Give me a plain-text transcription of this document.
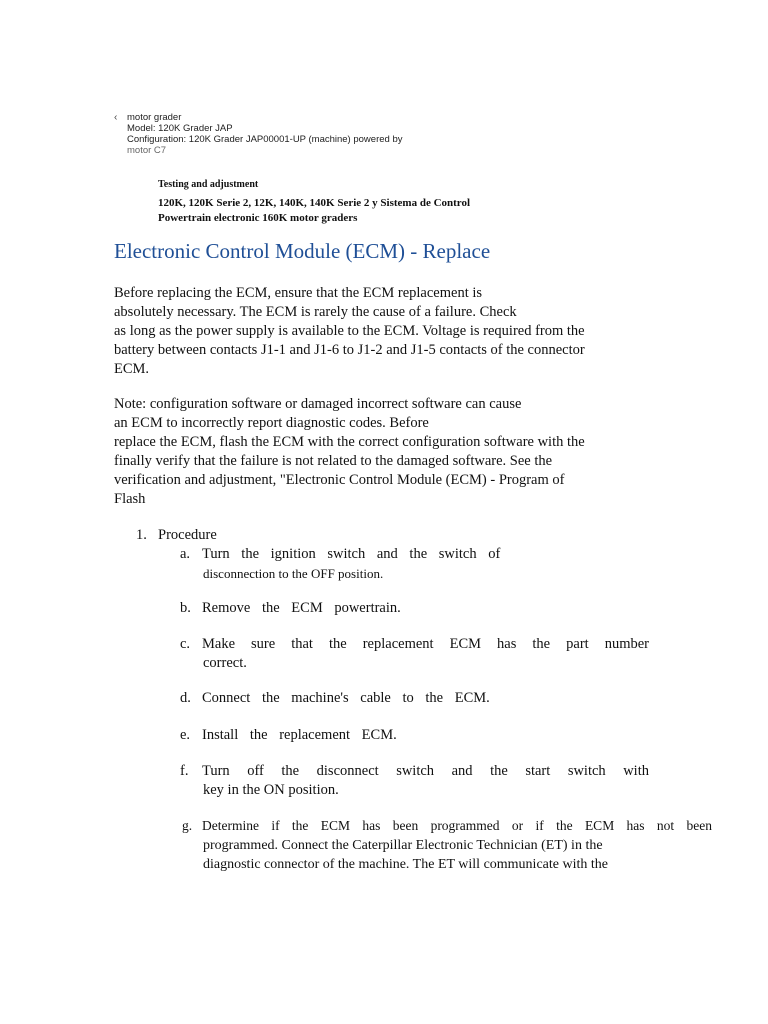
‹ motor grader
Model: 120K Grader JAP
Configuration: 120K Grader JAP00001-UP (machine) powered by
motor C7
Testing and adjustment
120K, 120K Serie 2, 12K, 140K, 140K Serie 2 y Sistema de Control
Powertrain electronic 160K motor graders
Electronic Control Module (ECM) - Replace
Before replacing the ECM, ensure that the ECM replacement is
absolutely necessary. The ECM is rarely the cause of a failure. Check
as long as the power supply is available to the ECM. Voltage is required from the
battery between contacts J1-1 and J1-6 to J1-2 and J1-5 contacts of the connector
ECM.
Note: configuration software or damaged incorrect software can cause
an ECM to incorrectly report diagnostic codes. Before
replace the ECM, flash the ECM with the correct configuration software with the
finally verify that the failure is not related to the damaged software. See the
verification and adjustment, "Electronic Control Module (ECM) - Program of
Flash
1. Procedure
a. Turn the ignition switch and the switch of
disconnection to the OFF position.
b. Remove the ECM powertrain.
c. Make sure that the replacement ECM has the part number
correct.
d. Connect the machine's cable to the ECM.
e. Install the replacement ECM.
f. Turn off the disconnect switch and the start switch with
key in the ON position.
g. Determine if the ECM has been programmed or if the ECM has not been
programmed. Connect the Caterpillar Electronic Technician (ET) in the
diagnostic connector of the machine. The ET will communicate with the
